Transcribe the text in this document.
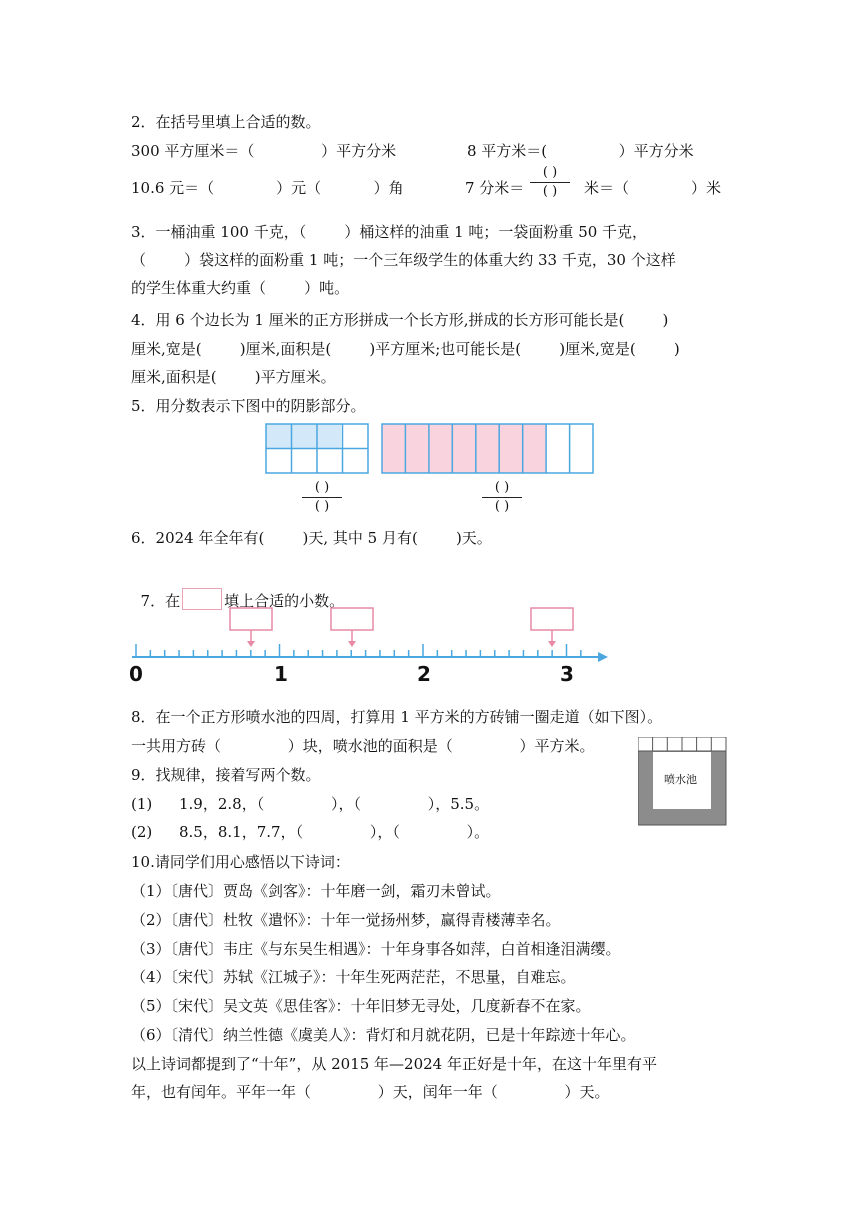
2．在括号里填上合适的数。
300 平方厘米＝（              ）平方分米	8 平方米＝(               ）平方分米
10.6 元＝（             ）元（           ）角	7 分米＝
( )
( )	米＝（             ）米
3．一桶油重 100 千克，（        ）桶这样的油重 1 吨；一袋面粉重 50 千克，
（        ）袋这样的面粉重 1 吨；一个三年级学生的体重大约 33 千克，30 个这样
的学生体重大约重（        ）吨。
4．用 6 个边长为 1 厘米的正方形拼成一个长方形,拼成的长方形可能长是(        )
厘米,宽是(        )厘米,面积是(        )平方厘米;也可能长是(        )厘米,宽是(        )
厘米,面积是(        )平方厘米。
5．用分数表示下图中的阴影部分。
( )
( )
( )
( )
6．2024 年全年有(        )天, 其中 5 月有(        )天。

7．在	填上合适的小数。

0	1	2	3
8．在一个正方形喷水池的四周，打算用 1 平方米的方砖铺一圈走道（如下图）。
一共用方砖（              ）块，喷水池的面积是（              ）平方米。
喷水池
9．找规律，接着写两个数。
(1) 1.9，2.8，（              ），（              ），5.5。
(2) 8.5，8.1，7.7，（              ），（              ）。
10.请同学们用心感悟以下诗词：
（1）〔唐代〕贾岛《剑客》：十年磨一剑，霜刃未曾试。
（2）〔唐代〕杜牧《遣怀》：十年一觉扬州梦，赢得青楼薄幸名。
（3）〔唐代〕韦庄《与东吴生相遇》：十年身事各如萍，白首相逢泪满缨。
（4）〔宋代〕苏轼《江城子》：十年生死两茫茫，不思量，自难忘。
（5）〔宋代〕吴文英《思佳客》：十年旧梦无寻处，几度新春不在家。
（6）〔清代〕纳兰性德《虞美人》：背灯和月就花阴，已是十年踪迹十年心。
以上诗词都提到了“十年”，从 2015 年—2024 年正好是十年，在这十年里有平
年，也有闰年。平年一年（              ）天，闰年一年（              ）天。
